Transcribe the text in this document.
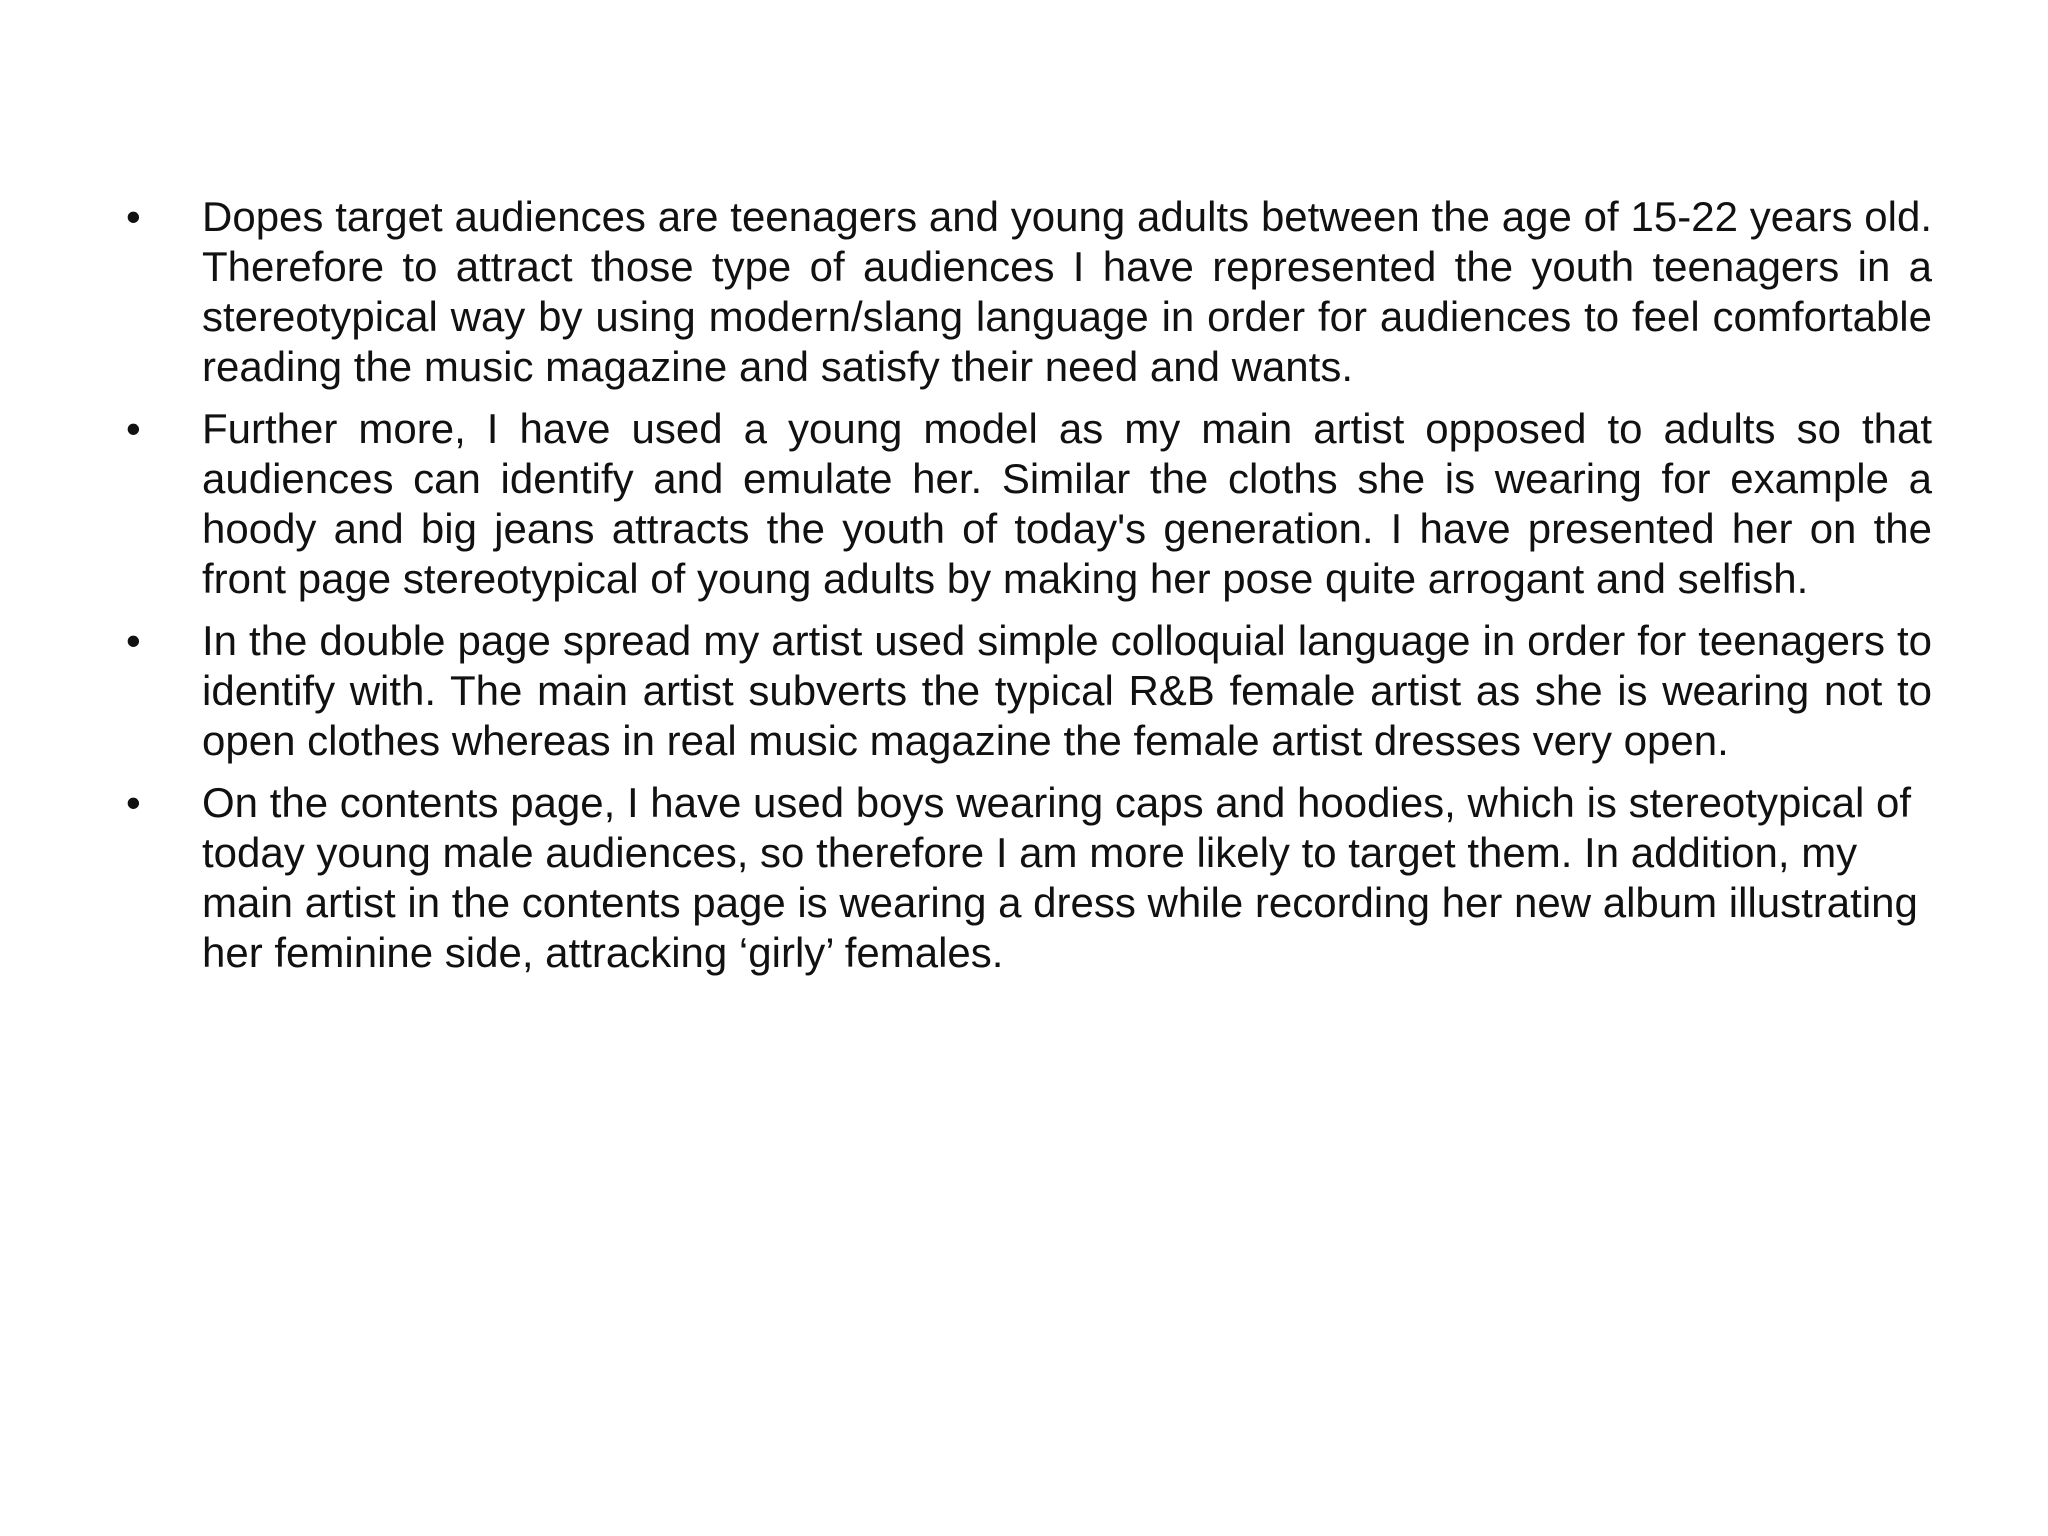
•	Dopes target audiences are teenagers and young adults between the age of 15-22 years old. Therefore to attract those type of audiences I have represented the youth teenagers in a stereotypical way by using modern/slang language in order for audiences to feel comfortable reading the music magazine and satisfy their need and wants.
•	Further more, I have used a young model as my main artist opposed to adults so that audiences can identify and emulate her. Similar the cloths she is wearing for example a hoody and big jeans attracts the youth of today's generation. I have presented her on the front page stereotypical of young adults by making her pose quite arrogant and selfish.
•	In the double page spread my artist used simple colloquial language in order for teenagers to identify with. The main artist subverts the typical R&B female artist as she is wearing not to open clothes whereas in real music magazine the female artist dresses very open.
•	On the contents page, I have used boys wearing caps and hoodies, which is stereotypical of today young male audiences, so therefore I am more likely to target them. In addition, my main artist in the contents page is wearing a dress while recording her new album illustrating her feminine side, attracking ‘girly’ females.
